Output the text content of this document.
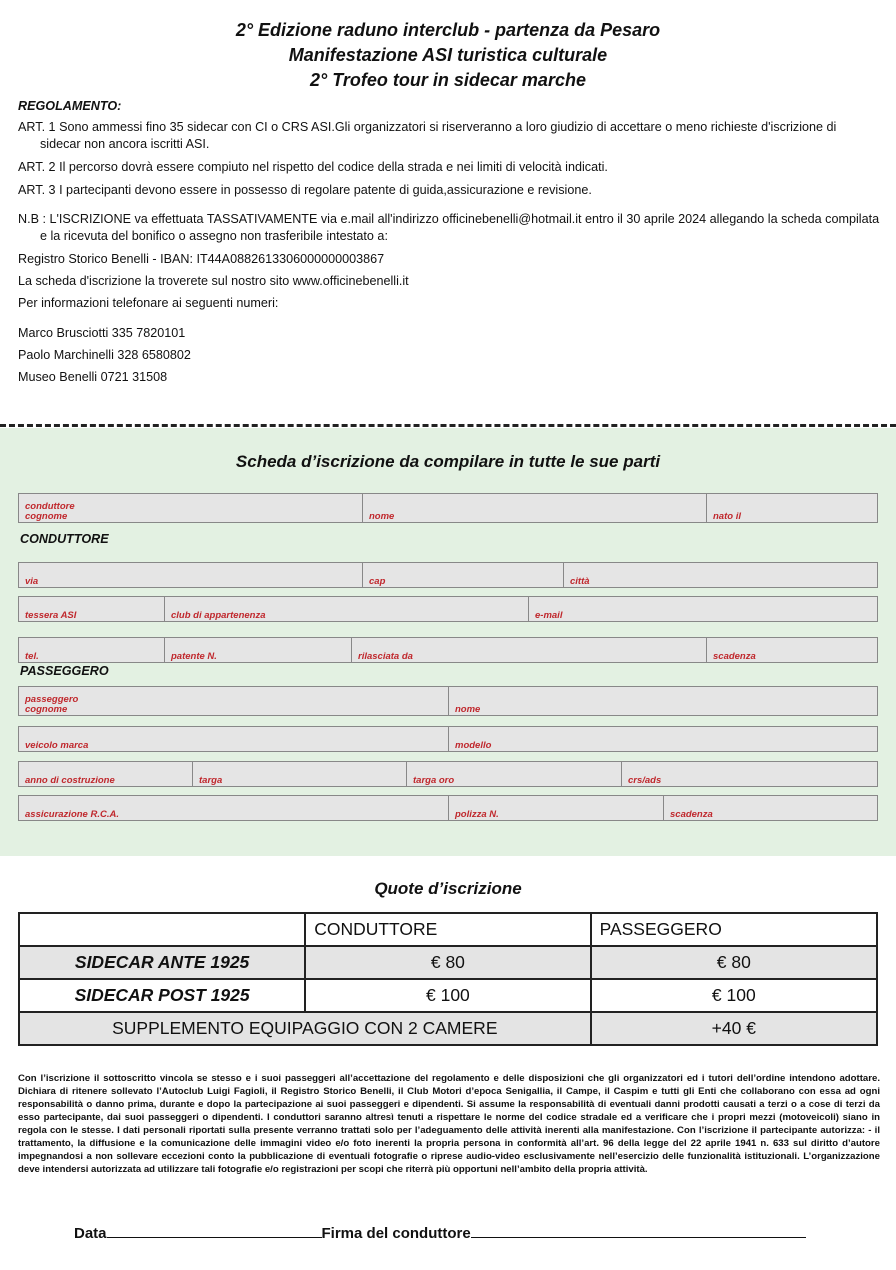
2° Edizione raduno interclub - partenza da Pesaro
Manifestazione ASI turistica culturale
2° Trofeo tour in sidecar marche
REGOLAMENTO:

ART. 1 Sono ammessi fino 35 sidecar con CI o CRS ASI.Gli organizzatori si riserveranno a loro giudizio di accettare o meno richieste d'iscrizione di sidecar non ancora iscritti ASI.

ART. 2 Il percorso dovrà essere compiuto nel rispetto del codice della strada e nei limiti di velocità indicati.

ART. 3 I partecipanti devono essere in possesso di regolare patente di guida,assicurazione e revisione.

N.B : L'ISCRIZIONE va effettuata TASSATIVAMENTE via e.mail all'indirizzo officinebenelli@hotmail.it entro il 30 aprile 2024 allegando la scheda compilata e la ricevuta del bonifico o assegno non trasferibile intestato a:

Registro Storico Benelli - IBAN: IT44A0882613306000000003867

La scheda d'iscrizione la troverete sul nostro sito www.officinebenelli.it

Per informazioni telefonare ai seguenti numeri:

Marco Brusciotti 335 7820101

Paolo Marchinelli 328 6580802

Museo Benelli 0721 31508

Scheda d’iscrizione da compilare in tutte le sue parti
conduttore
cognome	nome	nato il
CONDUTTORE
via	cap	città
tessera ASI	club di appartenenza	e-mail
tel.	patente N.	rilasciata da	scadenza
PASSEGGERO
passeggero
cognome	nome
veicolo marca	modello
anno di costruzione	targa	targa oro	crs/ads
assicurazione R.C.A.	polizza N.	scadenza
Quote d’iscrizione
	CONDUTTORE	PASSEGGERO
SIDECAR ANTE 1925	€ 80	€ 80
SIDECAR POST 1925	€ 100	€ 100
SUPPLEMENTO EQUIPAGGIO CON 2 CAMERE		+40 €
Con l’iscrizione il sottoscritto vincola se stesso e i suoi passeggeri all’accettazione del regolamento e delle disposizioni che gli organizzatori ed i tutori dell’ordine intendono adottare. Dichiara di ritenere sollevato l’Autoclub Luigi Fagioli, il Registro Storico Benelli, il Club Motori d’epoca Senigallia, il Campe, il Caspim e tutti gli Enti che collaborano con essa ad ogni responsabilità o danno prima, durante e dopo la partecipazione ai suoi passeggeri e dipendenti. Si assume la responsabilità di eventuali danni prodotti causati a terzi o a cose di terzi da esso partecipante, dai suoi passeggeri o dipendenti. I conduttori saranno altresì tenuti a rispettare le norme del codice stradale ed a verificare che i propri mezzi (motoveicoli) siano in regola con le stesse. I dati personali riportati sulla presente verranno trattati solo per l’adeguamento delle attività inerenti alla manifestazione. Con l’iscrizione il partecipante autorizza: - il trattamento, la diffusione e la comunicazione delle immagini video e/o foto inerenti la propria persona in conformità all’art. 96 della legge del 22 aprile 1941 n. 633 sul diritto d’autore impegnandosi a non sollevare eccezioni conto la pubblicazione di eventuali fotografie o riprese audio-video esclusivamente nell’esercizio delle funzionalità istituzionali. L’organizzazione deve intendersi autorizzata ad utilizzare tali fotografie e/o registrazioni per scopi che riterrà più opportuni nell’ambito della propria attività.
Data	Firma del conduttore
